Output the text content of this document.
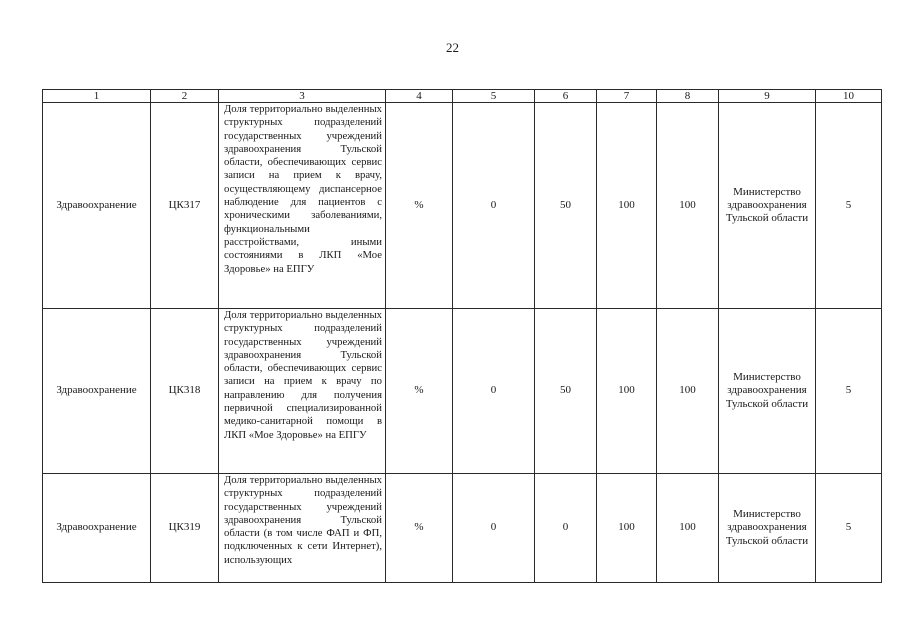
22
1	2	3	4	5	6	7	8	9	10
Здравоохранение	ЦК317	Доля территориально выделенных структурных подразделений государственных учреждений здравоохранения Тульской области, обеспечивающих сервис записи на прием к врачу, осуществляющему диспансерное наблюдение для пациентов с хроническими заболеваниями, функциональными расстройствами, иными состояниями в ЛКП «Мое Здоровье» на ЕПГУ	%	0	50	100	100	Министерство здравоохранения Тульской области	5
Здравоохранение	ЦК318	Доля территориально выделенных структурных подразделений государственных учреждений здравоохранения Тульской области, обеспечивающих сервис записи на прием к врачу по направлению для получения первичной специализированной медико-санитарной помощи в ЛКП «Мое Здоровье» на ЕПГУ	%	0	50	100	100	Министерство здравоохранения Тульской области	5
Здравоохранение	ЦК319	Доля территориально выделенных структурных подразделений государственных учреждений здравоохранения Тульской области (в том числе ФАП и ФП, подключенных к сети Интернет), использующих	%	0	0	100	100	Министерство здравоохранения Тульской области	5
